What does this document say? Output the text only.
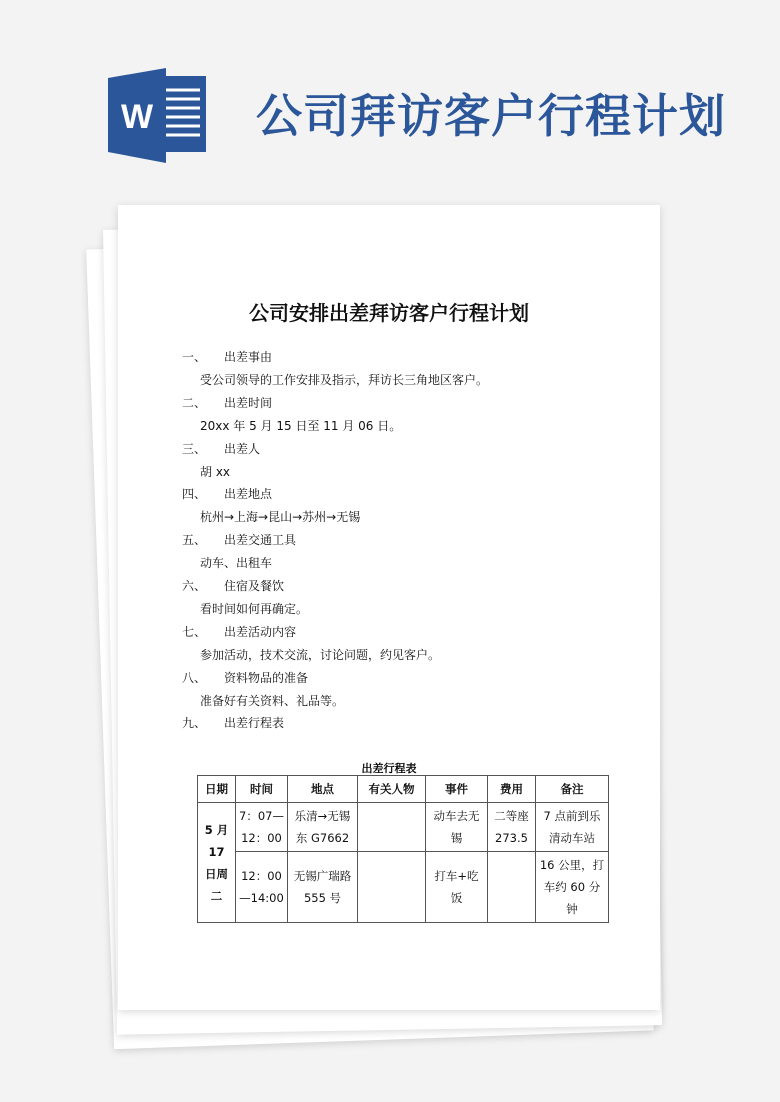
W 公司拜访客户行程计划
公司安排出差拜访客户行程计划
一、 出差事由
受公司领导的工作安排及指示，拜访长三角地区客户。
二、 出差时间
20xx 年 5 月 15 日至 11 月 06 日。
三、 出差人
胡 xx
四、 出差地点
杭州→上海→昆山→苏州→无锡
五、 出差交通工具
动车、出租车
六、 住宿及餐饮
看时间如何再确定。
七、 出差活动内容
参加活动，技术交流，讨论问题，约见客户。
八、 资料物品的准备
准备好有关资料、礼品等。
九、 出差行程表
出差行程表
日期	时间	地点	有关人物	事件	费用	备注
5 月 17 日周二	7：07—12：00	乐清→无锡东 G7662		动车去无锡	二等座 273.5	7 点前到乐清动车站
	12：00—14:00	无锡广瑞路 555 号		打车+吃饭		16 公里，打车约 60 分钟
